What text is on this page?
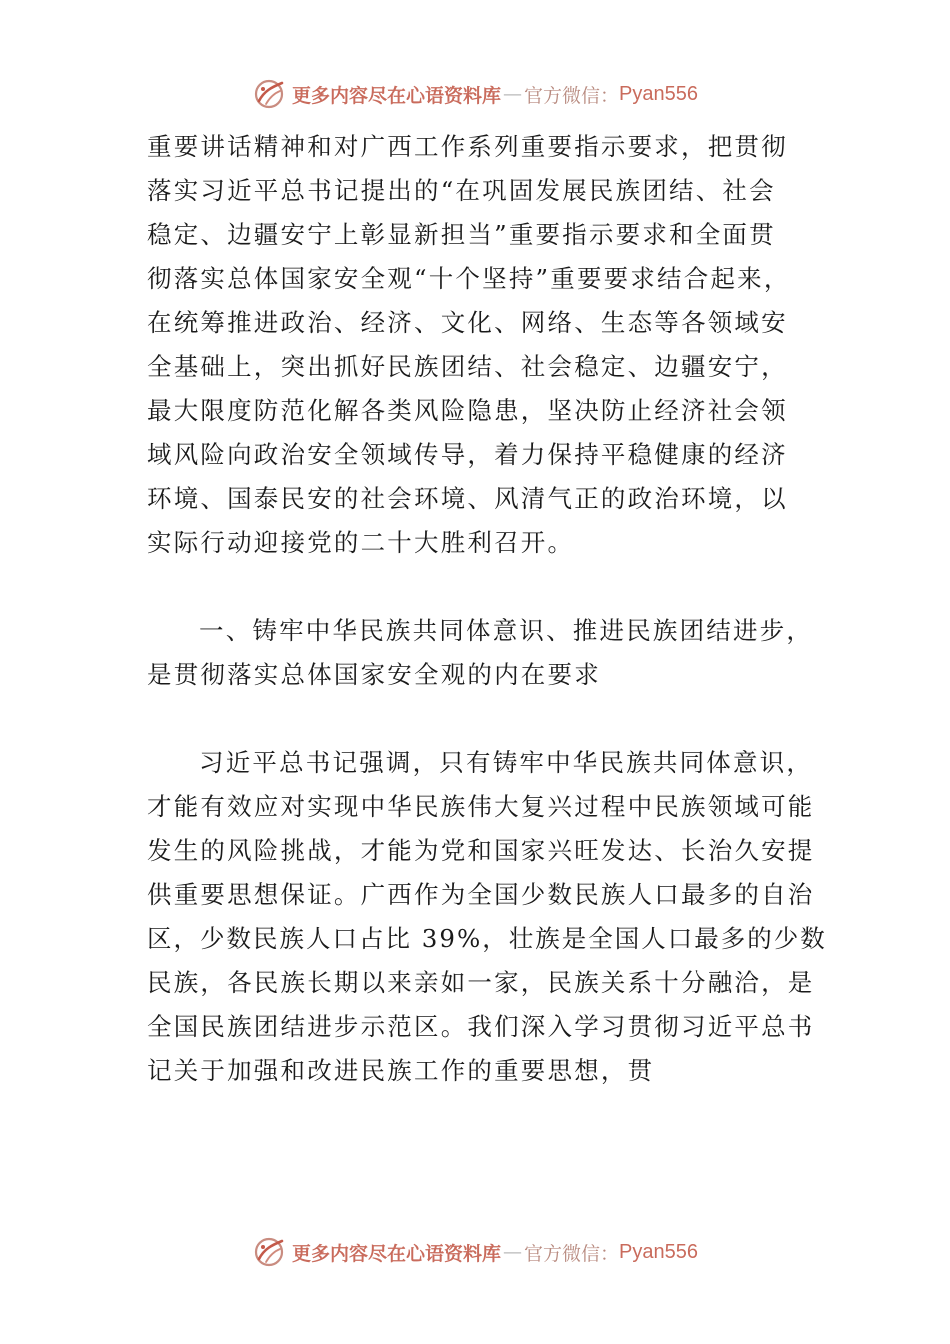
更多内容尽在心语资料库 — 官方微信： Pyan556
重要讲话精神和对广西工作系列重要指示要求，把贯彻
落实习近平总书记提出的“在巩固发展民族团结、社会
稳定、边疆安宁上彰显新担当”重要指示要求和全面贯
彻落实总体国家安全观“十个坚持”重要要求结合起来，
在统筹推进政治、经济、文化、网络、生态等各领域安
全基础上，突出抓好民族团结、社会稳定、边疆安宁，
最大限度防范化解各类风险隐患，坚决防止经济社会领
域风险向政治安全领域传导，着力保持平稳健康的经济
环境、国泰民安的社会环境、风清气正的政治环境，以
实际行动迎接党的二十大胜利召开。
一、铸牢中华民族共同体意识、推进民族团结进步，
是贯彻落实总体国家安全观的内在要求
习近平总书记强调，只有铸牢中华民族共同体意识，
才能有效应对实现中华民族伟大复兴过程中民族领域可能
发生的风险挑战，才能为党和国家兴旺发达、长治久安提
供重要思想保证。广西作为全国少数民族人口最多的自治
区，少数民族人口占比 39%，壮族是全国人口最多的少数
民族，各民族长期以来亲如一家，民族关系十分融洽，是
全国民族团结进步示范区。我们深入学习贯彻习近平总书
记关于加强和改进民族工作的重要思想，贯
更多内容尽在心语资料库 — 官方微信： Pyan556
